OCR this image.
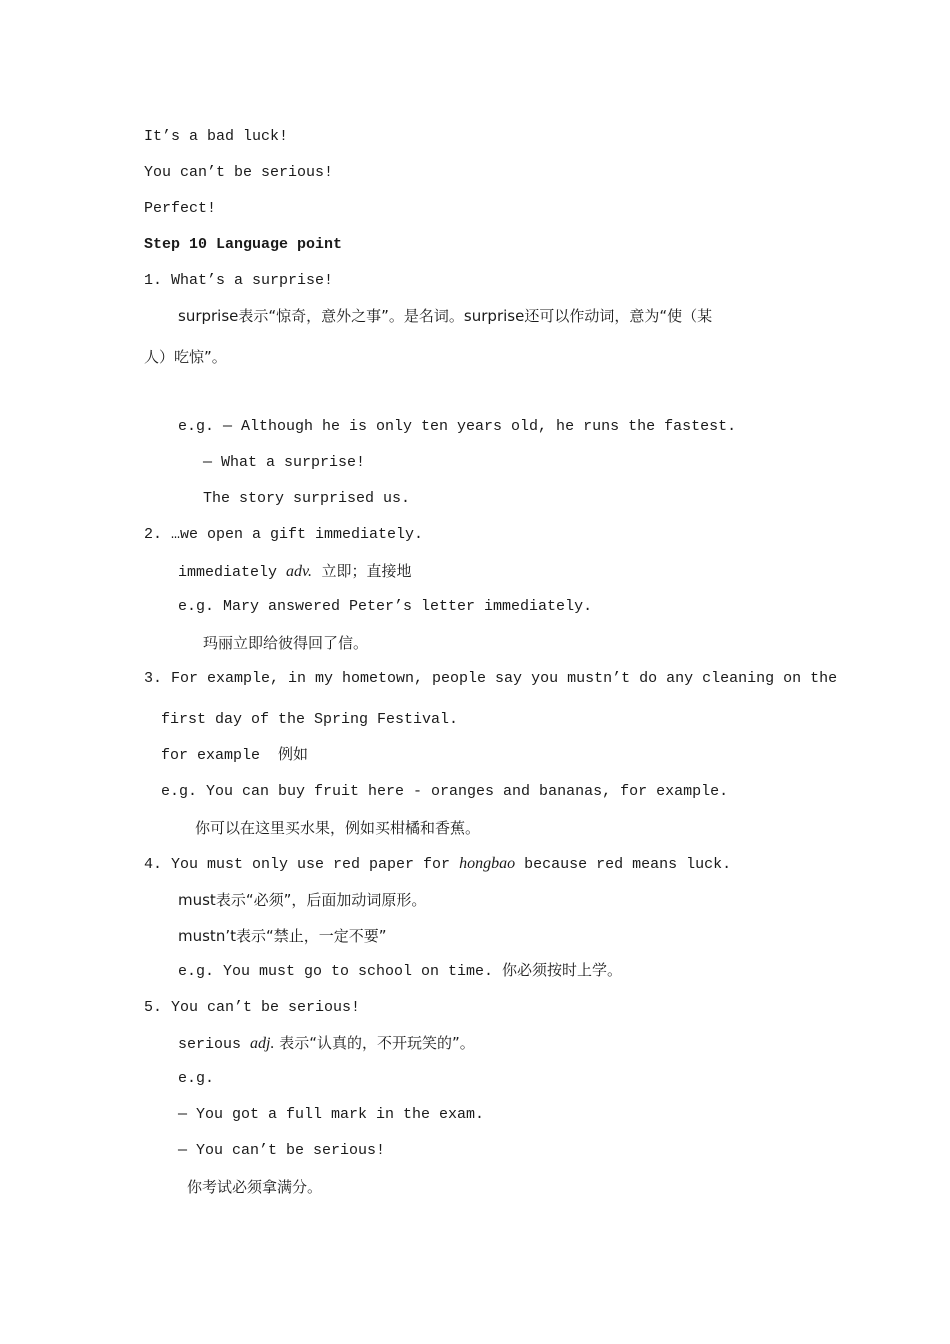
It’s a bad luck!
You can’t be serious!
Perfect!
Step 10 Language point
1. What’s a surprise!
surprise表示“惊奇，意外之事”。是名词。surprise还可以作动词，意为“使（某
人）吃惊”。
e.g. — Although he is only ten years old, he runs the fastest.
— What a surprise!
The story surprised us.
2. …we open a gift immediately.
immediately adv.  立即；直接地
e.g. Mary answered Peter’s letter immediately.
玛丽立即给彼得回了信。
3. For example, in my hometown, people say you mustn’t do any cleaning on the
first day of the Spring Festival.
for example  例如
e.g. You can buy fruit here - oranges and bananas, for example.
你可以在这里买水果，例如买柑橘和香蕉。
4. You must only use red paper for hongbao because red means luck.
must表示“必须”，后面加动词原形。
mustn’t表示“禁止，一定不要”
e.g. You must go to school on time. 你必须按时上学。
5. You can’t be serious!
serious adj. 表示“认真的，不开玩笑的”。
e.g.
— You got a full mark in the exam.
— You can’t be serious!
你考试必须拿满分。
